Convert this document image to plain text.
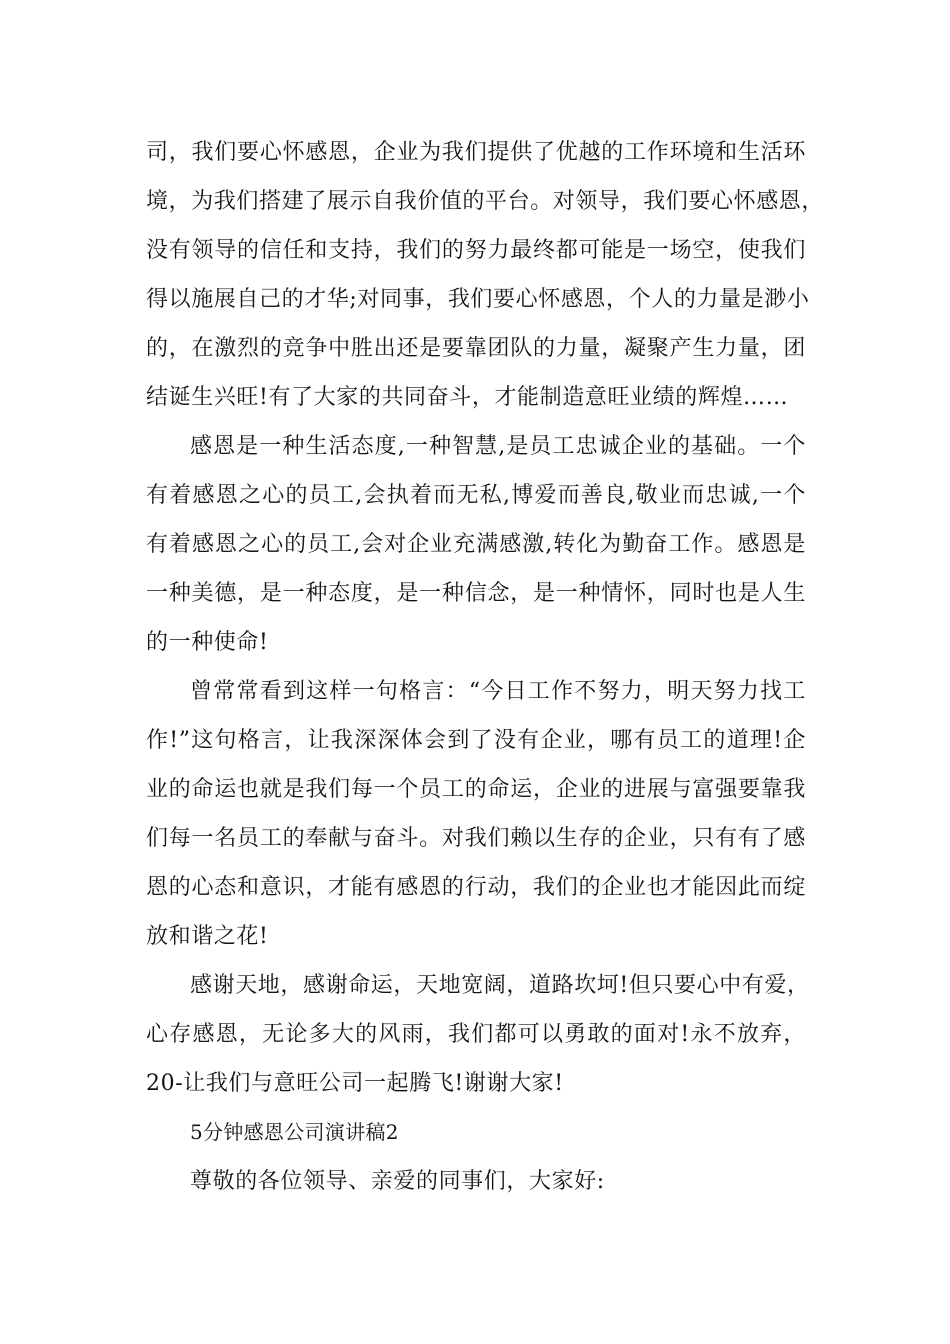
司，我们要心怀感恩，企业为我们提供了优越的工作环境和生活环
境，为我们搭建了展示自我价值的平台。对领导，我们要心怀感恩，
没有领导的信任和支持，我们的努力最终都可能是一场空，使我们
得以施展自己的才华;对同事，我们要心怀感恩，个人的力量是渺小
的，在激烈的竞争中胜出还是要靠团队的力量，凝聚产生力量，团
结诞生兴旺!有了大家的共同奋斗，才能制造意旺业绩的辉煌……
感恩是一种生活态度,一种智慧,是员工忠诚企业的基础。一个
有着感恩之心的员工,会执着而无私,博爱而善良,敬业而忠诚,一个
有着感恩之心的员工,会对企业充满感激,转化为勤奋工作。感恩是
一种美德，是一种态度，是一种信念，是一种情怀，同时也是人生
的一种使命!
曾常常看到这样一句格言：“今日工作不努力，明天努力找工
作!”这句格言，让我深深体会到了没有企业，哪有员工的道理!企
业的命运也就是我们每一个员工的命运，企业的进展与富强要靠我
们每一名员工的奉献与奋斗。对我们赖以生存的企业，只有有了感
恩的心态和意识，才能有感恩的行动，我们的企业也才能因此而绽
放和谐之花!
感谢天地，感谢命运，天地宽阔，道路坎坷!但只要心中有爱，
心存感恩，无论多大的风雨，我们都可以勇敢的面对!永不放弃，
20-让我们与意旺公司一起腾飞!谢谢大家!
5分钟感恩公司演讲稿2
尊敬的各位领导、亲爱的同事们，大家好:
